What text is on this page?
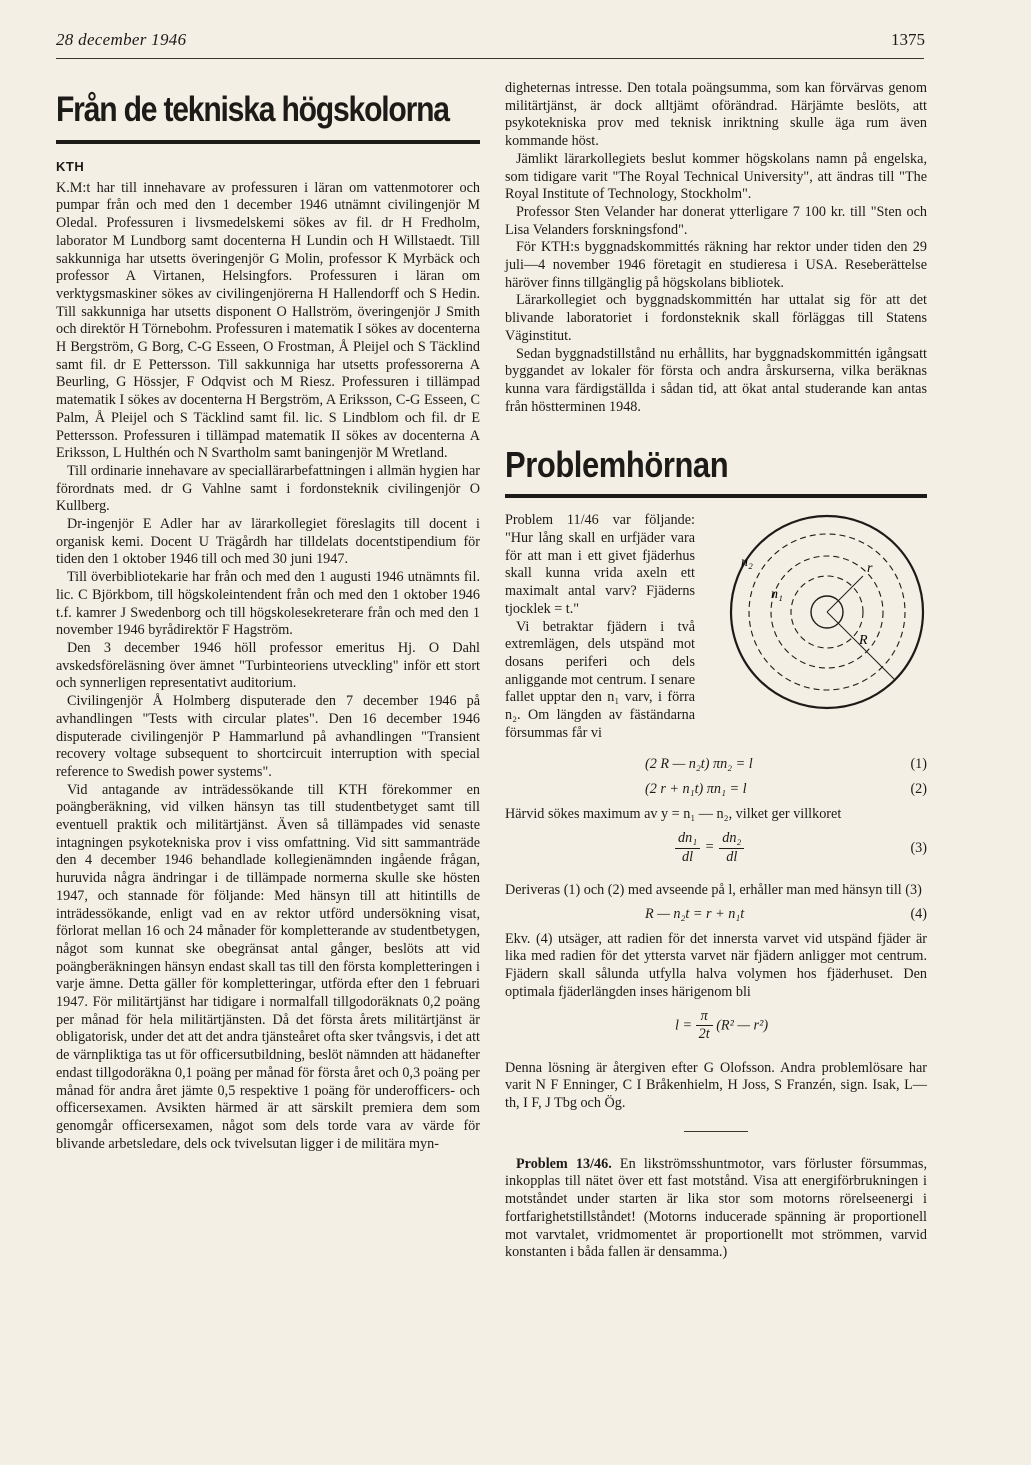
28 december 1946	1375
Från de tekniska högskolorna
KTH

K.M:t har till innehavare av professuren i läran om vattenmotorer och pumpar från och med den 1 december 1946 utnämnt civilingenjör M Oledal. Professuren i livsmedelskemi sökes av fil. dr H Fredholm, laborator M Lundborg samt docenterna H Lundin och H Willstaedt. Till sakkunniga har utsetts överingenjör G Molin, professor K Myrbäck och professor A Virtanen, Helsingfors. Professuren i läran om verktygsmaskiner sökes av civilingenjörerna H Hallendorff och S Hedin. Till sakkunniga har utsetts disponent O Hallström, överingenjör J Smith och direktör H Törnebohm. Professuren i matematik I sökes av docenterna H Bergström, G Borg, C-G Esseen, O Frostman, Å Pleijel och S Täcklind samt fil. dr E Pettersson. Till sakkunniga har utsetts professorerna A Beurling, G Hössjer, F Odqvist och M Riesz. Professuren i tillämpad matematik I sökes av docenterna H Bergström, A Eriksson, C-G Esseen, C Palm, Å Pleijel och S Täcklind samt fil. lic. S Lindblom och fil. dr E Pettersson. Professuren i tillämpad matematik II sökes av docenterna A Eriksson, L Hulthén och N Svartholm samt baningenjör M Wretland.

Till ordinarie innehavare av speciallärarbefattningen i allmän hygien har förordnats med. dr G Vahlne samt i fordonsteknik civilingenjör O Kullberg.

Dr-ingenjör E Adler har av lärarkollegiet föreslagits till docent i organisk kemi. Docent U Trägårdh har tilldelats docentstipendium för tiden den 1 oktober 1946 till och med 30 juni 1947.

Till överbibliotekarie har från och med den 1 augusti 1946 utnämnts fil. lic. C Björkbom, till högskoleintendent från och med den 1 oktober 1946 t.f. kamrer J Swedenborg och till högskolesekreterare från och med den 1 november 1946 byrådirektör F Hagström.

Den 3 december 1946 höll professor emeritus Hj. O Dahl avskedsföreläsning över ämnet "Turbinteoriens utveckling" inför ett stort och synnerligen representativt auditorium.

Civilingenjör Å Holmberg disputerade den 7 december 1946 på avhandlingen "Tests with circular plates". Den 16 december 1946 disputerade civilingenjör P Hammarlund på avhandlingen "Transient recovery voltage subsequent to shortcircuit interruption with special reference to Swedish power systems".

Vid antagande av inträdessökande till KTH förekommer en poängberäkning, vid vilken hänsyn tas till studentbetyget samt till eventuell praktik och militärtjänst. Även så tillämpades vid senaste intagningen psykotekniska prov i viss omfattning. Vid sitt sammanträde den 4 december 1946 behandlade kollegienämnden ingående frågan, huruvida några ändringar i de tillämpade normerna skulle ske hösten 1947, och stannade för följande: Med hänsyn till att hitintills de inträdessökande, enligt vad en av rektor utförd undersökning visat, förlorat mellan 16 och 24 månader för kompletterande av studentbetygen, något som kunnat ske obegränsat antal gånger, beslöts att vid poängberäkningen hänsyn endast skall tas till den första kompletteringen i varje ämne. Detta gäller för kompletteringar, utförda efter den 1 februari 1947. För militärtjänst har tidigare i normalfall tillgodoräknats 0,2 poäng per månad för hela militärtjänsten. Då det första årets militärtjänst är obligatorisk, under det att det andra tjänsteåret ofta sker tvångsvis, i det att de värnpliktiga tas ut för officersutbildning, beslöt nämnden att hädanefter endast tillgodoräkna 0,1 poäng per månad för första året och 0,3 poäng per månad för andra året jämte 0,5 respektive 1 poäng för underofficers- och officersexamen. Avsikten härmed är att särskilt premiera dem som genomgår officersexamen, något som dels torde vara av värde för blivande arbetsledare, dels ock tvivelsutan ligger i de militära myn-

digheternas intresse. Den totala poängsumma, som kan förvärvas genom militärtjänst, är dock alltjämt oförändrad. Härjämte beslöts, att psykotekniska prov med teknisk inriktning skulle äga rum även kommande höst.

Jämlikt lärarkollegiets beslut kommer högskolans namn på engelska, som tidigare varit "The Royal Technical University", att ändras till "The Royal Institute of Technology, Stockholm".

Professor Sten Velander har donerat ytterligare 7 100 kr. till "Sten och Lisa Velanders forskningsfond".

För KTH:s byggnadskommittés räkning har rektor under tiden den 29 juli—4 november 1946 företagit en studieresa i USA. Reseberättelse häröver finns tillgänglig på högskolans bibliotek.

Lärarkollegiet och byggnadskommittén har uttalat sig för att det blivande laboratoriet i fordonsteknik skall förläggas till Statens Väginstitut.

Sedan byggnadstillstånd nu erhållits, har byggnadskommittén igångsatt byggandet av lokaler för första och andra årskurserna, vilka beräknas kunna vara färdigställda i sådan tid, att ökat antal studerande kan antas från höstterminen 1948.

Problemhörnan

Problem 11/46 var följande: "Hur lång skall en urfjäder vara för att man i ett givet fjäderhus skall kunna vrida axeln ett maximalt antal varv? Fjäderns tjocklek = t."

Vi betraktar fjädern i två extremlägen, dels utspänd mot dosans periferi och dels anliggande mot centrum. I senare fallet upptar den n₁ varv, i förra n₂. Om längden av fäständarna försummas får vi

n₂
n₁
r
R
(2 R — n₂t) πn₂ = l	(1)
(2 r + n₁t) πn₁ = l	(2)

Härvid sökes maximum av y = n₁ — n₂, vilket ger villkoret

$\frac{\text{dn₁}}{dl} = \frac{\text{dn₂}}{dl}$	(3)

Deriveras (1) och (2) med avseende på l, erhåller man med hänsyn till (3)

R — n₂t = r + n₁t	(4)

Ekv. (4) utsäger, att radien för det innersta varvet vid utspänd fjäder är lika med radien för det yttersta varvet när fjädern anligger mot centrum. Fjädern skall sålunda utfylla halva volymen hos fjäderhuset. Den optimala fjäderlängden inses härigenom bli

$l = \frac{\pi}{2t} (R^2$ — r²)

Denna lösning är återgiven efter G Olofsson. Andra problemlösare har varit N F Enninger, C I Bråkenhielm, H Joss, S Franzén, sign. Isak, L—th, I F, J Tbg och Ög.

Problem 13/46. En likströmsshuntmotor, vars förluster försummas, inkopplas till nätet över ett fast motstånd. Visa att energiförbrukningen i motståndet under starten är lika stor som motorns rörelseenergi i fortfarighetstillståndet! (Motorns inducerade spänning är proportionell mot varvtalet, vridmomentet är proportionellt mot strömmen, varvid konstanten i båda fallen är densamma.)
